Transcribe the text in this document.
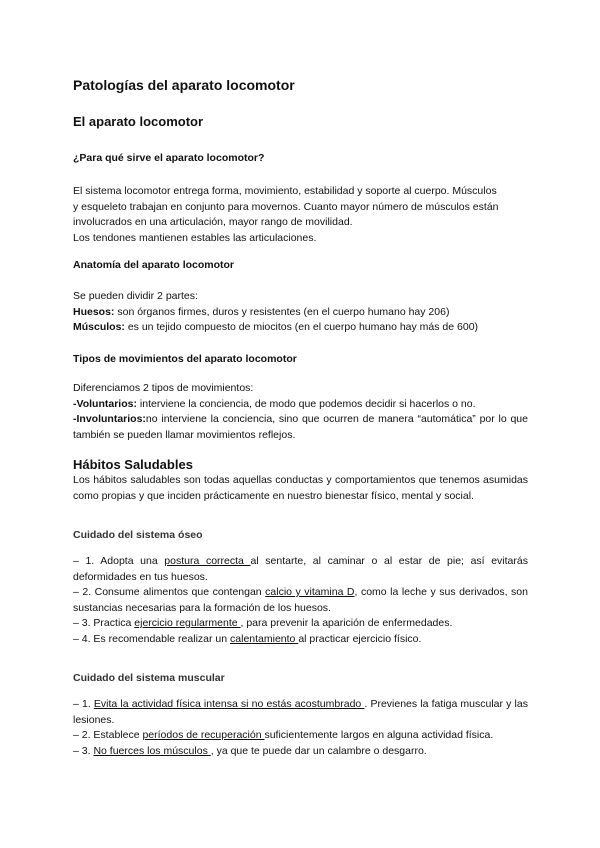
Patologías del aparato locomotor
El aparato locomotor
¿Para qué sirve el aparato locomotor?
El sistema locomotor entrega forma, movimiento, estabilidad y soporte al cuerpo. Músculos
y esqueleto trabajan en conjunto para movernos. Cuanto mayor número de músculos están
involucrados en una articulación, mayor rango de movilidad.
Los tendones mantienen estables las articulaciones.
Anatomía del aparato locomotor
Se pueden dividir 2 partes:
Huesos: son órganos firmes, duros y resistentes (en el cuerpo humano hay 206)
Músculos: es un tejido compuesto de miocitos (en el cuerpo humano hay más de 600)
Tipos de movimientos del aparato locomotor
Diferenciamos 2 tipos de movimientos:
-Voluntarios: interviene la conciencia, de modo que podemos decidir si hacerlos o no.
-Involuntarios:no interviene la conciencia, sino que ocurren de manera “automática” por lo que también se pueden llamar movimientos reflejos.
Hábitos Saludables

Los hábitos saludables son todas aquellas conductas y comportamientos que tenemos asumidas como propias y que inciden prácticamente en nuestro bienestar físico, mental y social.

Cuidado del sistema óseo
– 1. Adopta una postura correcta al sentarte, al caminar o al estar de pie; así evitarás deformidades en tus huesos.
– 2. Consume alimentos que contengan calcio y vitamina D, como la leche y sus derivados, son sustancias necesarias para la formación de los huesos.
– 3. Practica ejercicio regularmente , para prevenir la aparición de enfermedades.
– 4. Es recomendable realizar un calentamiento al practicar ejercicio físico.
Cuidado del sistema muscular
– 1. Evita la actividad física intensa si no estás acostumbrado . Previenes la fatiga muscular y las lesiones.
– 2. Establece períodos de recuperación suficientemente largos en alguna actividad física.
– 3. No fuerces los músculos , ya que te puede dar un calambre o desgarro.
